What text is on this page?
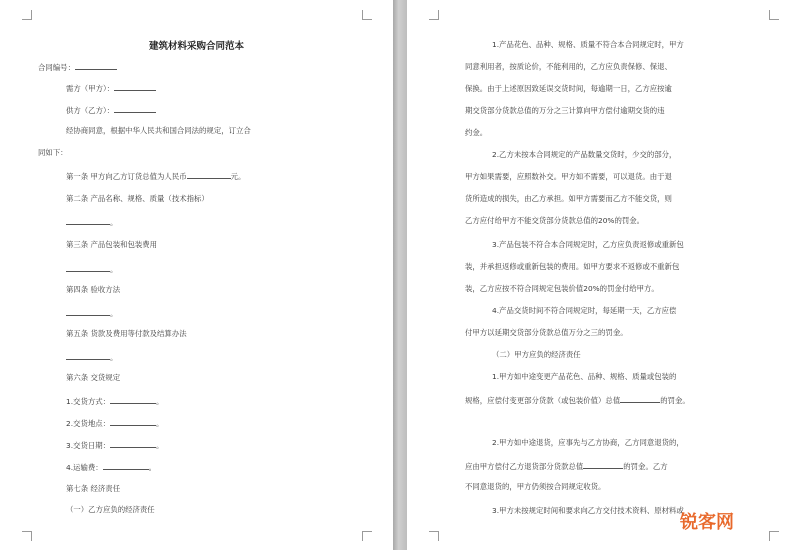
建筑材料采购合同范本
合同编号：
需方（甲方）：
供方（乙方）：
经协商同意，根据中华人民共和国合同法的规定，订立合
同如下：
第一条 甲方向乙方订货总值为人民币	元。
第二条 产品名称、规格、质量（技术指标）
。
第三条 产品包装和包装费用
。
第四条 验收方法
。
第五条 货款及费用等付款及结算办法
。
第六条 交货规定
1.交货方式：	。
2.交货地点：	。
3.交货日期：	。
4.运输费：	。
第七条 经济责任
（一）乙方应负的经济责任
1.产品花色、品种、规格、质量不符合本合同规定时，甲方
同意利用者，按质论价，不能利用的，乙方应负责保修、保退、
保换。由于上述原因致延误交货时间，每逾期一日，乙方应按逾
期交货部分货款总值的万分之三计算向甲方偿付逾期交货的违
约金。
2.乙方未按本合同规定的产品数量交货时，少交的部分，
甲方如果需要，应照数补交。甲方如不需要，可以退货。由于退
货所造成的损失，由乙方承担。如甲方需要而乙方不能交货，则
乙方应付给甲方不能交货部分货款总值的20%的罚金。
3.产品包装不符合本合同规定时，乙方应负责返修或重新包
装，并承担返修或重新包装的费用。如甲方要求不返修或不重新包
装，乙方应按不符合同规定包装价值20%的罚金付给甲方。
4.产品交货时间不符合同规定时，每延期一天，乙方应偿
付甲方以延期交货部分货款总值万分之三的罚金。
（二）甲方应负的经济责任
1.甲方如中途变更产品花色、品种、规格、质量或包装的
规格，应偿付变更部分货款（或包装价值）总值	的罚金。
2.甲方如中途退货，应事先与乙方协商，乙方同意退货的，
应由甲方偿付乙方退货部分货款总值	的罚金。乙方
不同意退货的，甲方仍须按合同规定收货。
3.甲方未按规定时间和要求向乙方交付技术资料、原材料或
锐客网
